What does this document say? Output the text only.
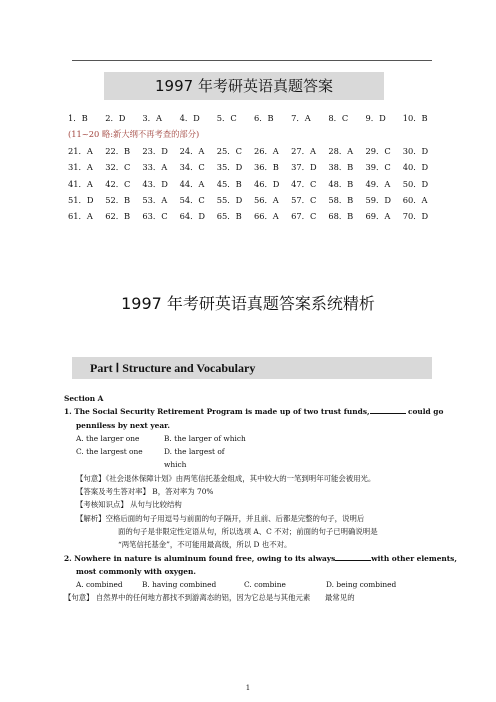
1997 年考研英语真题答案
1．B	2．D	3．A	4．D	5．C	6．B	7．A	8．C	9．D	10．B
(11~20 略:新大纲不再考查的部分)
21．A	22．B	23．D	24．A	25．C	26．A	27．A	28．A	29．C	30．D
31．A	32．C	33．A	34．C	35．D	36．B	37．D	38．B	39．C	40．D
41．A	42．C	43．D	44．A	45．B	46．D	47．C	48．B	49．A	50．D
51．D	52．B	53．A	54．C	55．D	56．A	57．C	58．B	59．D	60．A
61．A	62．B	63．C	64．D	65．B	66．A	67．C	68．B	69．A	70．D
1997 年考研英语真题答案系统精析
Part Ⅰ Structure and Vocabulary
Section A
1. The Social Security Retirement Program is made up of two trust funds,	could go
penniless by next year.
A. the larger one	B. the larger of which
C. the largest one	D. the largest of which
【句意】《社会退休保障计划》由两笔信托基金组成，其中较大的一笔到明年可能会被用光。
【答案及考生答对率】 B，答对率为 70%
【考核知识点】 从句与比较结构
【解析】空格后面的句子用逗号与前面的句子隔开，并且前、后都是完整的句子，说明后
面的句子是非限定性定语从句，所以选项 A、C 不对；前面的句子已明确说明是
“两笔信托基金”，不可能用最高级，所以 D 也不对。
2. Nowhere in nature is aluminum found free, owing to its always	with other elements,
most commonly with oxygen.
A. combined	B. having combined	C. combine	D. being combined
【句意】 自然界中的任何地方都找不到游离态的铝，因为它总是与其他元素　　最常见的
1
